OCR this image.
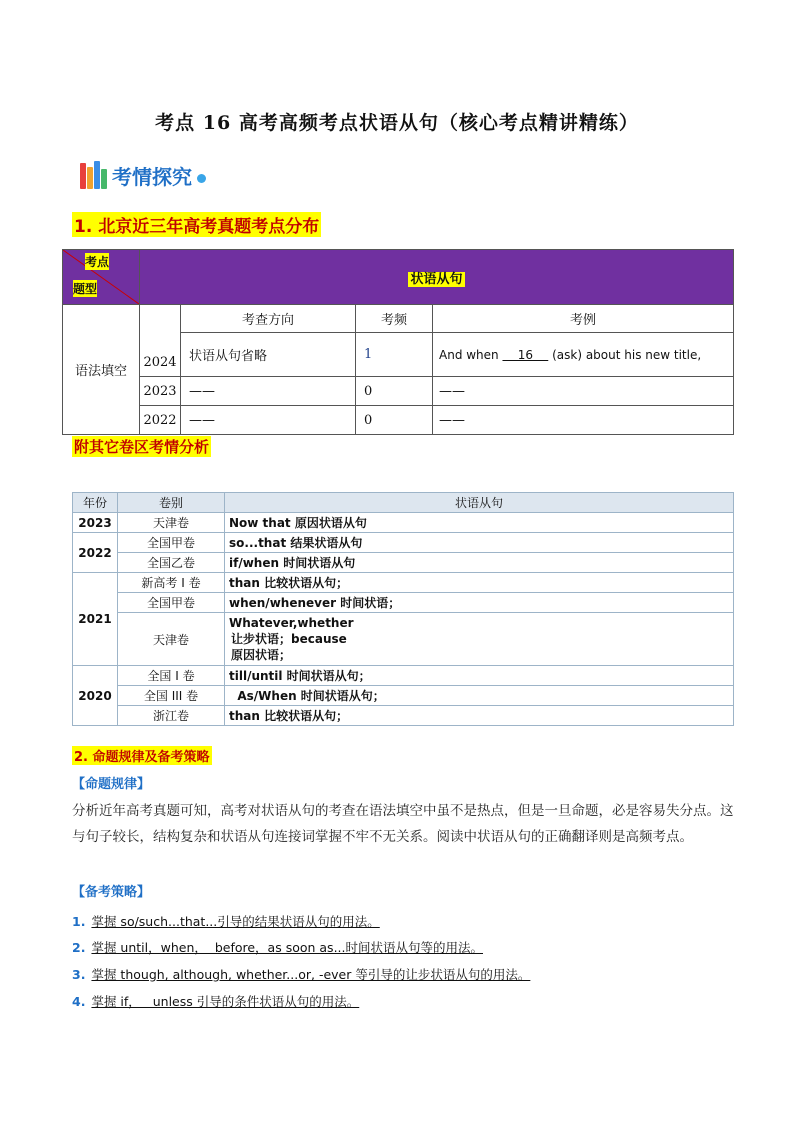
考点 16 高考高频考点状语从句（核心考点精讲精练）
考情探究
1. 北京近三年高考真题考点分布
考点
题型	状语从句			
语法填空		考查方向	考频	考例
	2024	状语从句省略	1	And when     16     (ask) about his new title,
	2023	——	0	——
	2022	——	0	——
附其它卷区考情分析
年份	卷别	状语从句
2023	天津卷	Now that 原因状语从句
2022	全国甲卷	so...that 结果状语从句
	全国乙卷	if/when 时间状语从句
2021	新高考 I 卷	than 比较状语从句；
	全国甲卷	when/whenever 时间状语；
	天津卷	Whatever,whether
让步状语；because
原因状语；

2020	全国 I 卷	till/until 时间状语从句；
	全国 III 卷	As/When 时间状语从句；
	浙江卷	than 比较状语从句；
2. 命题规律及备考策略
【命题规律】
分析近年高考真题可知，高考对状语从句的考查在语法填空中虽不是热点，但是一旦命题，必是容易失分点。这与句子较长，结构复杂和状语从句连接词掌握不牢不无关系。阅读中状语从句的正确翻译则是高频考点。
【备考策略】
1. 掌握 so/such...that...引导的结果状语从句的用法。
2. 掌握 until，when，  before，as soon as...时间状语从句等的用法。
3. 掌握 though, although, whether...or, -ever 等引导的让步状语从句的用法。
4. 掌握 if，   unless 引导的条件状语从句的用法。
